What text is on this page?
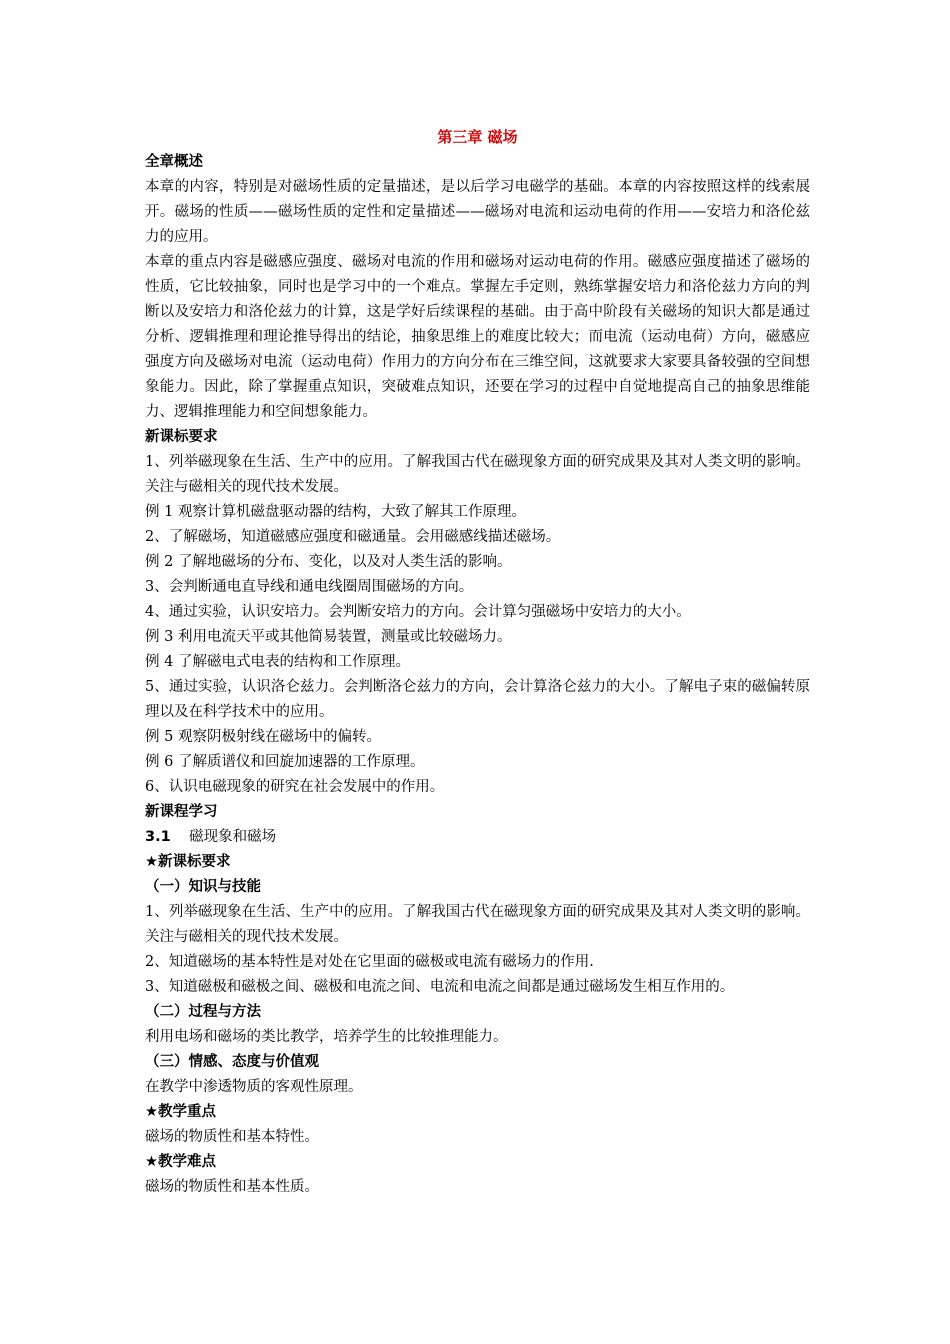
第三章 磁场
全章概述
本章的内容，特别是对磁场性质的定量描述，是以后学习电磁学的基础。本章的内容按照这样的线索展开。磁场的性质——磁场性质的定性和定量描述——磁场对电流和运动电荷的作用——安培力和洛伦兹力的应用。
本章的重点内容是磁感应强度、磁场对电流的作用和磁场对运动电荷的作用。磁感应强度描述了磁场的性质，它比较抽象，同时也是学习中的一个难点。掌握左手定则，熟练掌握安培力和洛伦兹力方向的判断以及安培力和洛伦兹力的计算，这是学好后续课程的基础。由于高中阶段有关磁场的知识大都是通过分析、逻辑推理和理论推导得出的结论，抽象思维上的难度比较大；而电流（运动电荷）方向，磁感应强度方向及磁场对电流（运动电荷）作用力的方向分布在三维空间，这就要求大家要具备较强的空间想象能力。因此，除了掌握重点知识，突破难点知识，还要在学习的过程中自觉地提高自己的抽象思维能力、逻辑推理能力和空间想象能力。
新课标要求
1、列举磁现象在生活、生产中的应用。了解我国古代在磁现象方面的研究成果及其对人类文明的影响。关注与磁相关的现代技术发展。
例 1 观察计算机磁盘驱动器的结构，大致了解其工作原理。
2、了解磁场，知道磁感应强度和磁通量。会用磁感线描述磁场。
例 2 了解地磁场的分布、变化，以及对人类生活的影响。
3、会判断通电直导线和通电线圈周围磁场的方向。
4、通过实验，认识安培力。会判断安培力的方向。会计算匀强磁场中安培力的大小。
例 3 利用电流天平或其他简易装置，测量或比较磁场力。
例 4 了解磁电式电表的结构和工作原理。
5、通过实验，认识洛仑兹力。会判断洛仑兹力的方向，会计算洛仑兹力的大小。了解电子束的磁偏转原理以及在科学技术中的应用。
例 5 观察阴极射线在磁场中的偏转。
例 6 了解质谱仪和回旋加速器的工作原理。
6、认识电磁现象的研究在社会发展中的作用。
新课程学习
3.1 磁现象和磁场
★新课标要求
（一）知识与技能
1、列举磁现象在生活、生产中的应用。了解我国古代在磁现象方面的研究成果及其对人类文明的影响。关注与磁相关的现代技术发展。
2、知道磁场的基本特性是对处在它里面的磁极或电流有磁场力的作用.
3、知道磁极和磁极之间、磁极和电流之间、电流和电流之间都是通过磁场发生相互作用的。
（二）过程与方法
利用电场和磁场的类比教学，培养学生的比较推理能力。
（三）情感、态度与价值观
在教学中渗透物质的客观性原理。
★教学重点
磁场的物质性和基本特性。
★教学难点
磁场的物质性和基本性质。
